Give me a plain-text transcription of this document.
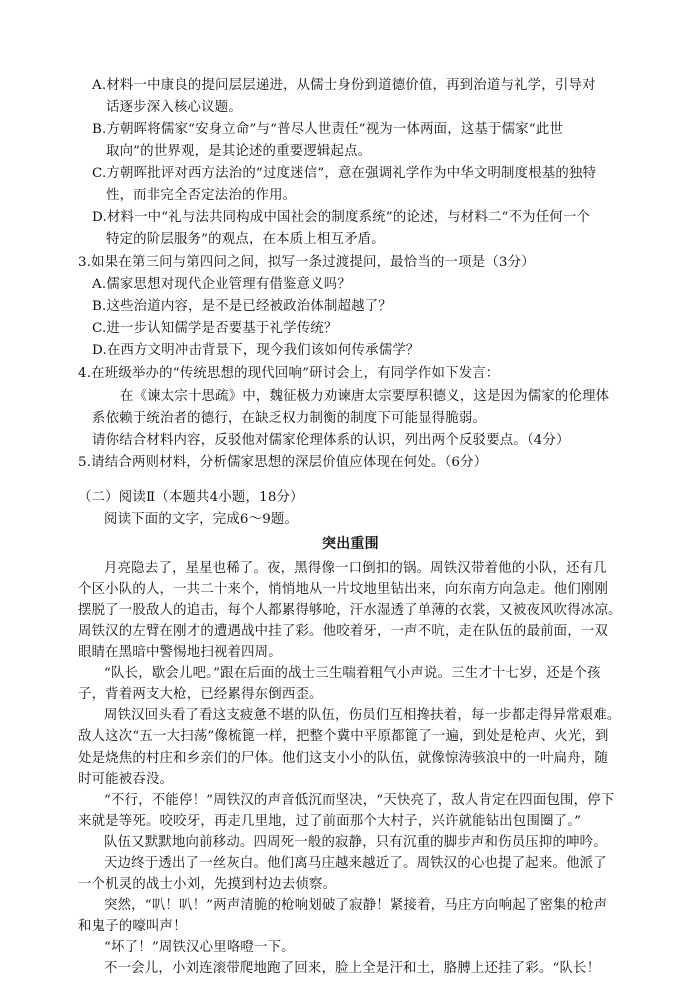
A.材料一中康良的提问层层递进，从儒士身份到道德价值，再到治道与礼学，引导对
话逐步深入核心议题。
B.方朝晖将儒家“安身立命”与“普尽人世责任”视为一体两面，这基于儒家“此世
取向”的世界观，是其论述的重要逻辑起点。
C.方朝晖批评对西方法治的“过度迷信”，意在强调礼学作为中华文明制度根基的独特
性，而非完全否定法治的作用。
D.材料一中“礼与法共同构成中国社会的制度系统”的论述，与材料二“不为任何一个
特定的阶层服务”的观点，在本质上相互矛盾。
3.如果在第三问与第四问之间，拟写一条过渡提问，最恰当的一项是（3分）
A.儒家思想对现代企业管理有借鉴意义吗？
B.这些治道内容，是不是已经被政治体制超越了？
C.进一步认知儒学是否要基于礼学传统？
D.在西方文明冲击背景下，现今我们该如何传承儒学？
4.在班级举办的“传统思想的现代回响”研讨会上，有同学作如下发言：
在《谏太宗十思疏》中，魏征极力劝谏唐太宗要厚积德义，这是因为儒家的伦理体
系依赖于统治者的德行，在缺乏权力制衡的制度下可能显得脆弱。
请你结合材料内容，反驳他对儒家伦理体系的认识，列出两个反驳要点。（4分）
5.请结合两则材料，分析儒家思想的深层价值应体现在何处。（6分）
（二）阅读Ⅱ（本题共4小题，18分）
阅读下面的文字，完成6～9题。
突出重围
月亮隐去了，星星也稀了。夜，黑得像一口倒扣的锅。周铁汉带着他的小队，还有几
个区小队的人，一共二十来个，悄悄地从一片坟地里钻出来，向东南方向急走。他们刚刚
摆脱了一股敌人的追击，每个人都累得够呛，汗水湿透了单薄的衣裳，又被夜风吹得冰凉。
周铁汉的左臂在刚才的遭遇战中挂了彩。他咬着牙，一声不吭，走在队伍的最前面，一双
眼睛在黑暗中警惕地扫视着四周。
“队长，歇会儿吧。”跟在后面的战士三生喘着粗气小声说。三生才十七岁，还是个孩
子，背着两支大枪，已经累得东倒西歪。
周铁汉回头看了看这支疲惫不堪的队伍，伤员们互相搀扶着，每一步都走得异常艰难。
敌人这次“五一大扫荡”像梳篦一样，把整个冀中平原都篦了一遍，到处是枪声、火光，到
处是烧焦的村庄和乡亲们的尸体。他们这支小小的队伍，就像惊涛骇浪中的一叶扁舟，随
时可能被吞没。
“不行，不能停！”周铁汉的声音低沉而坚决，“天快亮了，敌人肯定在四面包围，停下
来就是等死。咬咬牙，再走几里地，过了前面那个大村子，兴许就能钻出包围圈了。”
队伍又默默地向前移动。四周死一般的寂静，只有沉重的脚步声和伤员压抑的呻吟。
天边终于透出了一丝灰白。他们离马庄越来越近了。周铁汉的心也提了起来。他派了
一个机灵的战士小刘，先摸到村边去侦察。
突然，“叭！叭！”两声清脆的枪响划破了寂静！紧接着，马庄方向响起了密集的枪声
和鬼子的嚎叫声！
“坏了！”周铁汉心里咯噔一下。
不一会儿，小刘连滚带爬地跑了回来，脸上全是汗和土，胳膊上还挂了彩。“队长！
